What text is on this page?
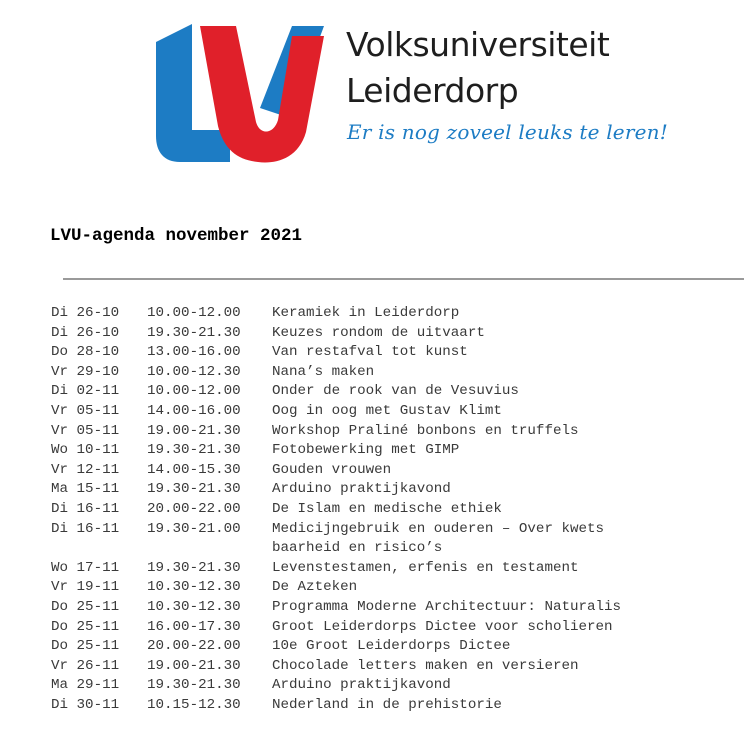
Volksuniversiteit
Leiderdorp
Er is nog zoveel leuks te leren!
LVU-agenda november 2021
Di 26-10	10.00-12.00	Keramiek in Leiderdorp
Di 26-10	19.30-21.30	Keuzes rondom de uitvaart
Do 28-10	13.00-16.00	Van restafval tot kunst
Vr 29-10	10.00-12.30	Nana’s maken
Di 02-11	10.00-12.00	Onder de rook van de Vesuvius
Vr 05-11	14.00-16.00	Oog in oog met Gustav Klimt
Vr 05-11	19.00-21.30	Workshop Praliné bonbons en truffels
Wo 10-11	19.30-21.30	Fotobewerking met GIMP
Vr 12-11	14.00-15.30	Gouden vrouwen
Ma 15-11	19.30-21.30	Arduino praktijkavond
Di 16-11	20.00-22.00	De Islam en medische ethiek
Di 16-11	19.30-21.00	Medicijngebruik en ouderen – Over kwets
baarheid en risico’s
Wo 17-11	19.30-21.30	Levenstestamen, erfenis en testament
Vr 19-11	10.30-12.30	De Azteken
Do 25-11	10.30-12.30	Programma Moderne Architectuur: Naturalis
Do 25-11	16.00-17.30	Groot Leiderdorps Dictee voor scholieren
Do 25-11	20.00-22.00	10e Groot Leiderdorps Dictee
Vr 26-11	19.00-21.30	Chocolade letters maken en versieren
Ma 29-11	19.30-21.30	Arduino praktijkavond
Di 30-11	10.15-12.30	Nederland in de prehistorie
